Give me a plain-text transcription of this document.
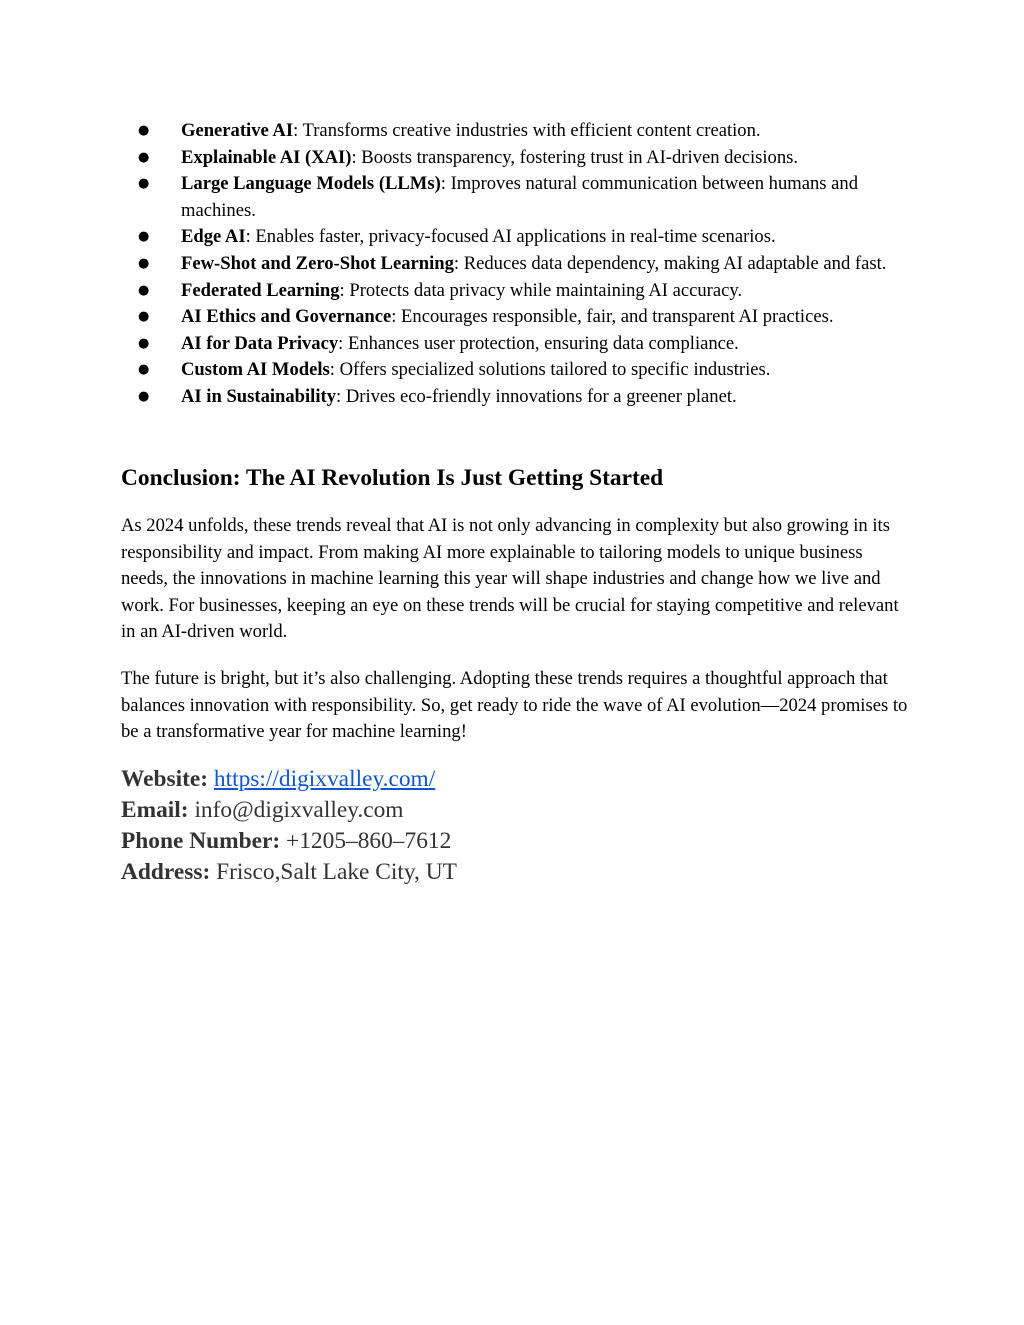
● Generative AI: Transforms creative industries with efficient content creation.
● Explainable AI (XAI): Boosts transparency, fostering trust in AI-driven decisions.
● Large Language Models (LLMs): Improves natural communication between humans and machines.
● Edge AI: Enables faster, privacy-focused AI applications in real-time scenarios.
● Few-Shot and Zero-Shot Learning: Reduces data dependency, making AI adaptable and fast.
● Federated Learning: Protects data privacy while maintaining AI accuracy.
● AI Ethics and Governance: Encourages responsible, fair, and transparent AI practices.
● AI for Data Privacy: Enhances user protection, ensuring data compliance.
● Custom AI Models: Offers specialized solutions tailored to specific industries.
● AI in Sustainability: Drives eco-friendly innovations for a greener planet.
Conclusion: The AI Revolution Is Just Getting Started

As 2024 unfolds, these trends reveal that AI is not only advancing in complexity but also growing in its responsibility and impact. From making AI more explainable to tailoring models to unique business needs, the innovations in machine learning this year will shape industries and change how we live and work. For businesses, keeping an eye on these trends will be crucial for staying competitive and relevant in an AI-driven world.

The future is bright, but it’s also challenging. Adopting these trends requires a thoughtful approach that balances innovation with responsibility. So, get ready to ride the wave of AI evolution—2024 promises to be a transformative year for machine learning!

Website: https://digixvalley.com/
Email: info@digixvalley.com
Phone Number: +1205–860–7612
Address: Frisco,Salt Lake City, UT
